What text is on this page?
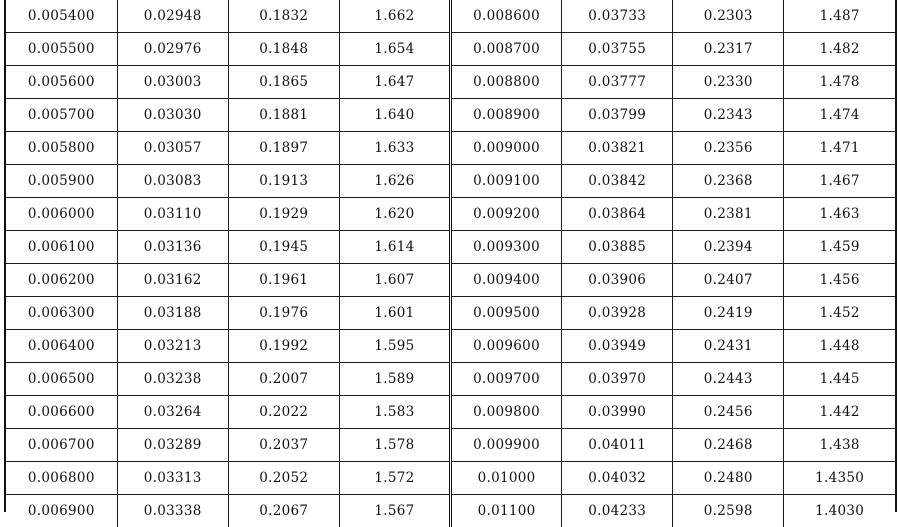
0.005400	0.02948	0.1832	1.662	0.008600	0.03733	0.2303	1.487
0.005500	0.02976	0.1848	1.654	0.008700	0.03755	0.2317	1.482
0.005600	0.03003	0.1865	1.647	0.008800	0.03777	0.2330	1.478
0.005700	0.03030	0.1881	1.640	0.008900	0.03799	0.2343	1.474
0.005800	0.03057	0.1897	1.633	0.009000	0.03821	0.2356	1.471
0.005900	0.03083	0.1913	1.626	0.009100	0.03842	0.2368	1.467
0.006000	0.03110	0.1929	1.620	0.009200	0.03864	0.2381	1.463
0.006100	0.03136	0.1945	1.614	0.009300	0.03885	0.2394	1.459
0.006200	0.03162	0.1961	1.607	0.009400	0.03906	0.2407	1.456
0.006300	0.03188	0.1976	1.601	0.009500	0.03928	0.2419	1.452
0.006400	0.03213	0.1992	1.595	0.009600	0.03949	0.2431	1.448
0.006500	0.03238	0.2007	1.589	0.009700	0.03970	0.2443	1.445
0.006600	0.03264	0.2022	1.583	0.009800	0.03990	0.2456	1.442
0.006700	0.03289	0.2037	1.578	0.009900	0.04011	0.2468	1.438
0.006800	0.03313	0.2052	1.572	0.01000	0.04032	0.2480	1.4350
0.006900	0.03338	0.2067	1.567	0.01100	0.04233	0.2598	1.4030
